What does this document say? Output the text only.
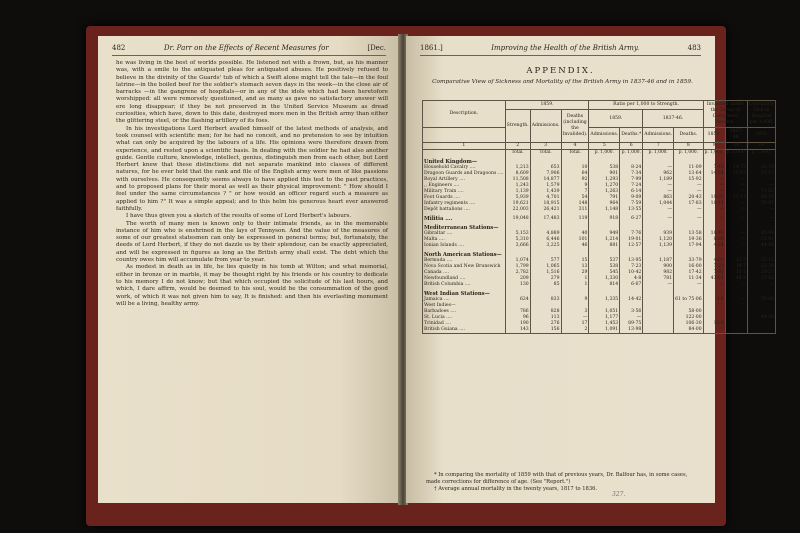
482	Dr. Parr on the Effects of Recent Measures for	[Dec.

he was living in the best of worlds possible. He listened not with a frown, but, as his manner was, with a smile to the antiquated pleas for antiquated abuses. He positively refused to believe in the divinity of the Guards' tub of which a Swift alone might tell the tale—in the foul latrine—in the boiled beef for the soldier's stomach seven days in the week—in the close air of barracks —in the gangrene of hospitals—or in any of the idols which had been heretofore worshipped: all were remorsely questioned, and as many as gave no satisfactory answer will ere long disappear; if they be not preserved in the United Service Museum as dread curiosities, which have, down to this date, destroyed more men in the British army than either the glittering steel, or the flashing artillery of its foes.

In his investigations Lord Herbert availed himself of the latest methods of analysis, and took counsel with scientific men; for he had no conceit, and no pretension to see by intuition what can only be acquired by the labours of a life. His opinions were therefore drawn from experience, and rested upon a scientific basis. In dealing with the soldier he had also another guide. Gentle culture, knowledge, intellect, genius, distinguish men from each other, but Lord Herbert knew that these distinctions did not separate mankind into classes of different natures, for he ever held that the rank and file of the English army were men of like passions with ourselves. He consequently seems always to have applied this test to the past practices, and to proposed plans for their moral as well as their physical improvement: " How should I feel under the same circumstances ? " or how would an officer regard such a measure as applied to him ?" It was a simple appeal; and to this helm his generous heart ever answered faithfully.

I have thus given you a sketch of the results of some of Lord Herbert's labours.

The worth of many men is known only to their intimate friends, as in the memorable instance of him who is enshrined in the lays of Tennyson. And the value of the measures of some of our greatest statesmen can only be expressed in general terms; but, fortunately, the deeds of Lord Herbert, if they do not dazzle us by their splendour, can be exactly appreciated, and will be expressed in figures as long as the British army shall exist. The debt which the country owes him will accumulate from year to year.

As modest in death as in life, he lies quietly in his tomb at Wilton; and what memorial, either in bronze or in marble, it may be thought right by his friends or his country to dedicate to his memory I do not know; but that which occupied the solicitude of his last hours, and which, I dare affirm, would be deemed to his soul, would be the consummation of the good work, of which it was not given him to say, It is finished: and then his everlasting monument will be a living, healthy army.

1861.]	Improving the Health of the British Army.	483
APPENDIX.
Comparative View of Sickness and Mortality of the British Army in 1837-46 and in 1859.
Description.	1859.			Ratio per 1,000 to Strength.				Invalided under the Terms of Completed Service.		Constantly Sick in Hospital per 1,000.
	Strength.	Admissions.	Deaths (including the Invalided).	1859.		1837-46.				
				Admissions.	Deaths.*	Admissions.	Deaths.	1859.	1837-46.	1859.
1	2	3	4	5	6	7	8	9	10	11
	Total.	Total.	Total.	p. 1,000.	p. 1,000.	p. 1,000.	p. 1,000.	p. 1,000.	p. 1,000.	p. 1,000.
United Kingdom—										
Household Cavalry ....	1,213	653	10	538	8·24	—	11·09	7·42	14·73	28·79
Dragoon Guards and Dragoons ....	8,609	7,906	64	901	7·34	962	13·64	14·64	15·87	51·13
Royal Artillery ....	11,508	14,877	92	1,293	7·99	1,189	15·92	—	—	—
,, Engineers ....	1,243	1,579	9	1,270	7·24	—	—	—	—	—
Military Train ....	1,139	1,439	7	1,263	6·14	—	—	—	—	71·82
Foot Guards ....	5,939	4,701	54	791	9·09	863	20·43	19·87	17·17	45·76
Infantry regiments ....	19,621	18,915	148	964	7·59	1,044	17·83	10·41	—	50·91
Depôt battalions ....	22,003	26,421	311	1,148	13·55	—	—	—	—	—
Militia ....	19,048	17,483	119	918	6·27	—	—	—	—	—
Mediterranean Stations—										
Gibraltar ....	5,153	4,889	40	949	7·76	939	13·58	10·49	—	45·99
Malta ....	5,310	6,446	101	1,214	19·01	1,120	19·36	8·29	—	51·81
Ionian Islands ....	3,666	3,225	46	881	12·57	1,139	17·94	4·64	—	44·46
North American Stations—										
Bermuda ....	1,074	577	15	537	13·95	1,187	33·79	4·65	12·3	35·11
Nova Scotia and New Brunswick	1,799	1,065	13	538	7·23	900	16·00	7·23	14·7	22·39
Canada ....	2,782	1,516	29	545	10·42	982	17·42	7·91	15·1	29·27
Newfoundland ....	209	279	1	1,330	4·8	781	11·34	43·01	48·3	37·10
British Columbia ....	130	85	1	814	6·67	—	—	—	—	—
West Indian Stations—										
Jamaica ....	624	833	9	1,335	14·42		61 to 75·06	4·8	—	50·08
West Indies—										
Barbadoes ....	786	828	3	1,051	3·56		58·00			
St. Lucia ....	96	113	—	1,177	—		122·00			49·38
Trinidad ....	190	276	17	1,453	89·75		106·30	14·9		
British Guiana ....	143	156	2	1,091	13·98		84·00			

* In comparing the mortality of 1859 with that of previous years, Dr. Balfour has, in some cases, made corrections for difference of age. (See "Report.")

† Average annual mortality in the twenty years, 1817 to 1836.

327.
